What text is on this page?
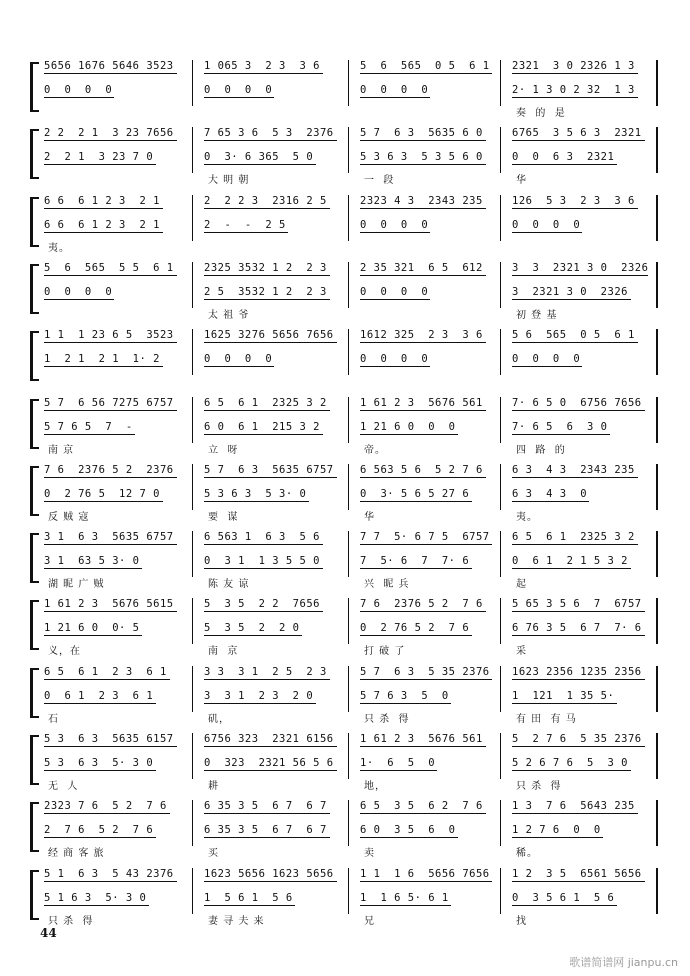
5656 1676 5646 3523
0  0  0  0
1 065 3  2 3  3 6
0  0  0  0
5  6  565  0 5  6 1
0  0  0  0
2321  3 0 2326 1 3
2· 1 3 0 2 32  1 3
奏  的  是
2 2  2 1  3 23 7656
2  2 1  3 23 7 0
7 65 3 6  5 3  2376
0  3· 6 365  5 0
大 明 朝
5 7  6 3  5635 6 0
5 3 6 3  5 3 5 6 0
一  段
6765  3 5 6 3  2321
0  0  6 3  2321
华
6 6  6 1 2 3  2 1
6 6  6 1 2 3  2 1
夷。
2  2 2 3  2316 2 5
2  -  -  2 5
2323 4 3  2343 235
0  0  0  0
126  5 3  2 3  3 6
0  0  0  0
5  6  565  5 5  6 1
0  0  0  0
2325 3532 1 2  2 3
2 5  3532 1 2  2 3
太 祖 爷
2 35 321  6 5  612
0  0  0  0
3  3  2321 3 0  2326
3  2321 3 0  2326
初 登 基
1 1  1 23 6 5  3523
1  2 1  2 1  1· 2
1625 3276 5656 7656
0  0  0  0
1612 325  2 3  3 6
0  0  0  0
5 6  565  0 5  6 1
0  0  0  0
5 7  6 56 7275 6757
5 7 6 5  7  -
南 京
6 5  6 1  2325 3 2
6 0  6 1  215 3 2
立  呀
1 61 2 3  5676 561
1 21 6 0  0  0
帝。
7· 6 5 0  6756 7656
7· 6 5  6  3 0
四  路  的
7 6  2376 5 2  2376
0  2 76 5  12 7 0
反 贼 寇
5 7  6 3  5635 6757
5 3 6 3  5 3· 0
要  谋
6 563 5 6  5 2 7 6
0  3· 5 6 5 27 6
华
6 3  4 3  2343 235
6 3  4 3  0
夷。
3 1  6 3  5635 6757
3 1  63 5 3· 0
湖 昵 广 贼
6 563 1  6 3  5 6
0  3 1  1 3 5 5 0
陈 友 谅
7 7  5· 6 7 5  6757
7  5· 6  7  7· 6
兴  昵 兵
6 5  6 1  2325 3 2
0  6 1  2 1 5 3 2
起
1 61 2 3  5676 5615
1 21 6 0  0· 5
义，在
5  3 5  2 2  7656
5  3 5  2  2 0
南  京
7 6  2376 5 2  7 6
0  2 76 5 2  7 6
打 破 了
5 65 3 5 6  7  6757
6 76 3 5  6 7  7· 6
采
6 5  6 1  2 3  6 1
0  6 1  2 3  6 1
石
3 3  3 1  2 5  2 3
3  3 1  2 3  2 0
矶，
5 7  6 3  5 35 2376
5 7 6 3  5  0
只 杀  得
1623 2356 1235 2356
1  121  1 35 5·
有 田  有 马
5 3  6 3  5635 6157
5 3  6 3  5· 3 0
无  人
6756 323  2321 6156
0  323  2321 56 5 6
耕
1 61 2 3  5676 561
1·  6  5  0
地，
5  2 7 6  5 35 2376
5 2 6 7 6  5  3 0
只 杀  得
2323 7 6  5 2  7 6
2  7 6  5 2  7 6
经 商 客 旅
6 35 3 5  6 7  6 7
6 35 3 5  6 7  6 7
买
6 5  3 5  6 2  7 6
6 0  3 5  6  0
卖
1 3  7 6  5643 235
1 2 7 6  0  0
稀。
5 1  6 3  5 43 2376
5 1 6 3  5· 3 0
只 杀  得
1623 5656 1623 5656
1  5 6 1  5 6
妻 寻 夫 来
1 1  1 6  5656 7656
1  1 6 5· 6 1
兄
1 2  3 5  6561 5656
0  3 5 6 1  5 6
找
44
歌谱简谱网 jianpu.cn
